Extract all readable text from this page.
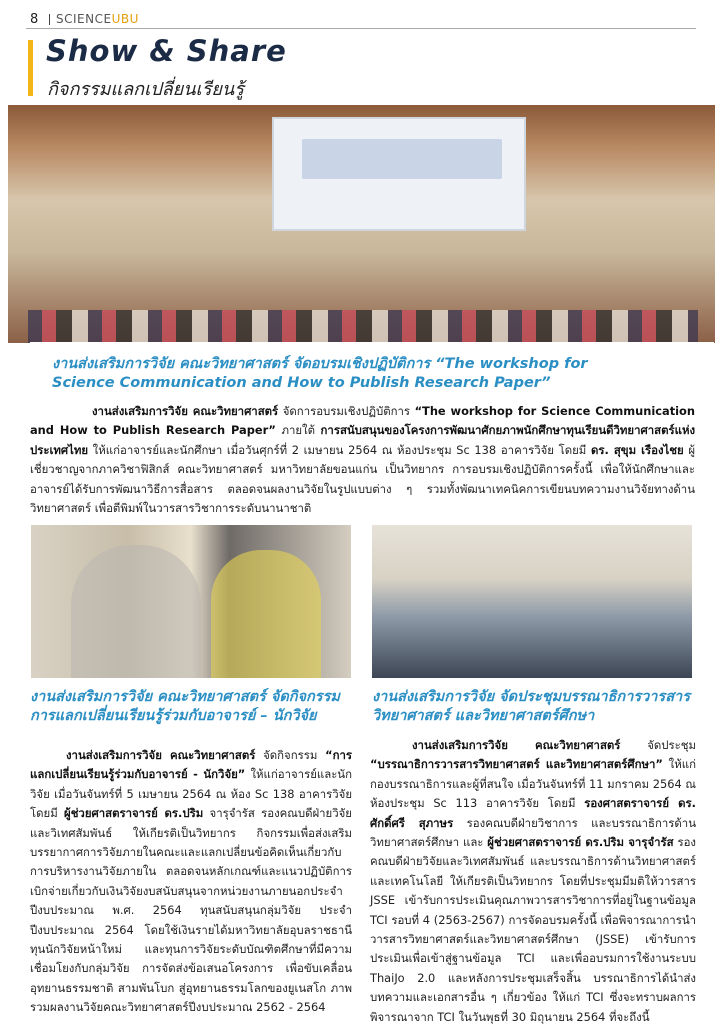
8 SCIENCEUBU
Show & Share
กิจกรรมแลกเปลี่ยนเรียนรู้
งานส่งเสริมการวิจัย คณะวิทยาศาสตร์ จัดอบรมเชิงปฏิบัติการ “The workshop for
Science Communication and How to Publish Research Paper”
งานส่งเสริมการวิจัย คณะวิทยาศาสตร์ จัดการอบรมเชิงปฏิบัติการ “The workshop for Science Communication and How to Publish Research Paper” ภายใต้ การสนับสนุนของโครงการพัฒนาศักยภาพนักศึกษาทุนเรียนดีวิทยาศาสตร์แห่งประเทศไทย ให้แก่อาจารย์และนักศึกษา เมื่อวันศุกร์ที่ 2 เมษายน 2564 ณ ห้องประชุม Sc 138 อาคารวิจัย โดยมี ดร. สุขุม เรืองไชย ผู้เชี่ยวชาญจากภาควิชาฟิสิกส์ คณะวิทยาศาสตร์ มหาวิทยาลัยขอนแก่น เป็นวิทยากร การอบรมเชิงปฏิบัติการครั้งนี้ เพื่อให้นักศึกษาและอาจารย์ได้รับการพัฒนาวิธีการสื่อสาร ตลอดจนผลงานวิจัยในรูปแบบต่าง ๆ รวมทั้งพัฒนาเทคนิคการเขียนบทความงานวิจัยทางด้านวิทยาศาสตร์ เพื่อตีพิมพ์ในวารสารวิชาการระดับนานาชาติ
งานส่งเสริมการวิจัย คณะวิทยาศาสตร์ จัดกิจกรรมการแลกเปลี่ยนเรียนรู้ร่วมกับอาจารย์ – นักวิจัย
งานส่งเสริมการวิจัย จัดประชุมบรรณาธิการวารสารวิทยาศาสตร์ และวิทยาศาสตร์ศึกษา
งานส่งเสริมการวิจัย คณะวิทยาศาสตร์ จัดกิจกรรม “การแลกเปลี่ยนเรียนรู้ร่วมกับอาจารย์ - นักวิจัย” ให้แก่อาจารย์และนักวิจัย เมื่อวันจันทร์ที่ 5 เมษายน 2564 ณ ห้อง Sc 138 อาคารวิจัย โดยมี ผู้ช่วยศาสตราจารย์ ดร.ปริม จารุจำรัส รองคณบดีฝ่ายวิจัยและวิเทศสัมพันธ์ ให้เกียรติเป็นวิทยากร กิจกรรมเพื่อส่งเสริมบรรยากาศการวิจัยภายในคณะและแลกเปลี่ยนข้อคิดเห็นเกี่ยวกับการบริหารงานวิจัยภายใน ตลอดจนหลักเกณฑ์และแนวปฏิบัติการเบิกจ่ายเกี่ยวกับเงินวิจัยงบสนับสนุนจากหน่วยงานภายนอกประจำปีงบประมาณ พ.ศ. 2564 ทุนสนับสนุนกลุ่มวิจัย ประจำปีงบประมาณ 2564 โดยใช้เงินรายได้มหาวิทยาลัยอุบลราชธานี ทุนนักวิจัยหน้าใหม่ และทุนการวิจัยระดับบัณฑิตศึกษาที่มีความเชื่อมโยงกับกลุ่มวิจัย การจัดส่งข้อเสนอโครงการ เพื่อขับเคลื่อนอุทยานธรรมชาติ สามพันโบก สู่อุทยานธรรมโลกของยูเนสโก ภาพรวมผลงานวิจัยคณะวิทยาศาสตร์ปีงบประมาณ 2562 - 2564
งานส่งเสริมการวิจัย คณะวิทยาศาสตร์ จัดประชุม “บรรณาธิการวารสารวิทยาศาสตร์ และวิทยาศาสตร์ศึกษา” ให้แก่กองบรรณาธิการและผู้ที่สนใจ เมื่อวันจันทร์ที่ 11 มกราคม 2564 ณ ห้องประชุม Sc 113 อาคารวิจัย โดยมี รองศาสตราจารย์ ดร. ศักดิ์ศรี สุภาษร รองคณบดีฝ่ายวิชาการ และบรรณาธิการด้านวิทยาศาสตร์ศึกษา และ ผู้ช่วยศาสตราจารย์ ดร.ปริม จารุจำรัส รองคณบดีฝ่ายวิจัยและวิเทศสัมพันธ์ และบรรณาธิการด้านวิทยาศาสตร์และเทคโนโลยี ให้เกียรติเป็นวิทยากร โดยที่ประชุมมีมติให้วารสาร JSSE เข้ารับการประเมินคุณภาพวารสารวิชาการที่อยู่ในฐานข้อมูล TCI รอบที่ 4 (2563-2567) การจัดอบรมครั้งนี้ เพื่อพิจารณาการนำวารสารวิทยาศาสตร์และวิทยาศาสตร์ศึกษา (JSSE) เข้ารับการประเมินเพื่อเข้าสู่ฐานข้อมูล TCI และเพื่ออบรมการใช้งานระบบ ThaiJo 2.0 และหลังการประชุมเสร็จสิ้น บรรณาธิการได้นำส่งบทความและเอกสารอื่น ๆ เกี่ยวข้อง ให้แก่ TCI ซึ่งจะทราบผลการพิจารณาจาก TCI ในวันพุธที่ 30 มิถุนายน 2564 ที่จะถึงนี้
